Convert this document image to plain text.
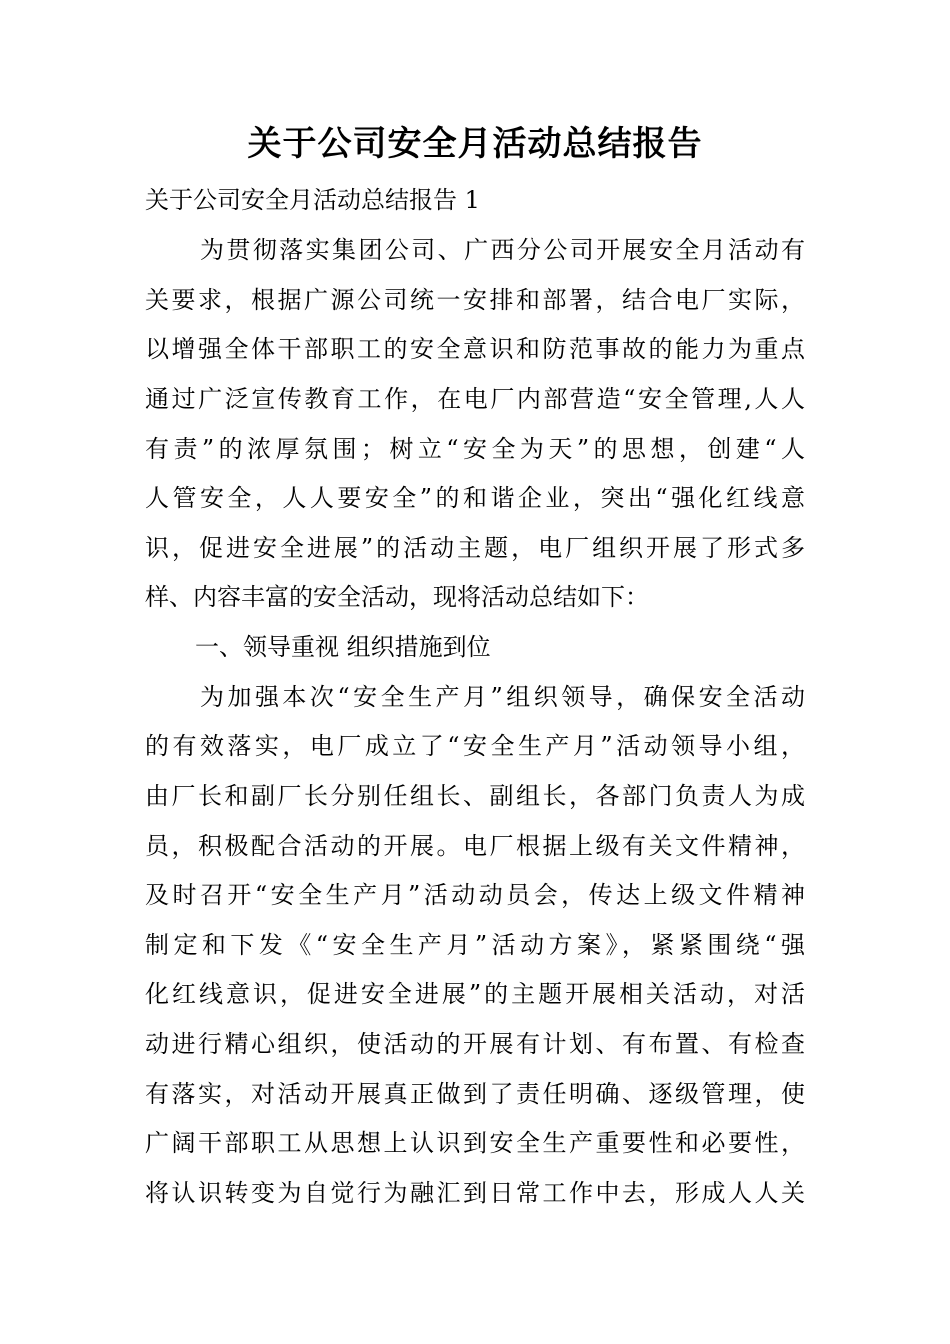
关于公司安全月活动总结报告
关于公司安全月活动总结报告 1
为贯彻落实集团公司、广西分公司开展安全月活动有
关要求，根据广源公司统一安排和部署，结合电厂实际，
以增强全体干部职工的安全意识和防范事故的能力为重点
通过广泛宣传教育工作，在电厂内部营造“安全管理,人人
有责”的浓厚氛围；树立“安全为天”的思想，创建“人
人管安全，人人要安全”的和谐企业，突出“强化红线意
识，促进安全进展”的活动主题，电厂组织开展了形式多
样、内容丰富的安全活动，现将活动总结如下：
一、领导重视 组织措施到位
为加强本次“安全生产月”组织领导，确保安全活动
的有效落实，电厂成立了“安全生产月”活动领导小组，
由厂长和副厂长分别任组长、副组长，各部门负责人为成
员，积极配合活动的开展。电厂根据上级有关文件精神，
及时召开“安全生产月”活动动员会，传达上级文件精神
制定和下发《“安全生产月”活动方案》，紧紧围绕“强
化红线意识，促进安全进展”的主题开展相关活动，对活
动进行精心组织，使活动的开展有计划、有布置、有检查
有落实，对活动开展真正做到了责任明确、逐级管理，使
广阔干部职工从思想上认识到安全生产重要性和必要性，
将认识转变为自觉行为融汇到日常工作中去，形成人人关
